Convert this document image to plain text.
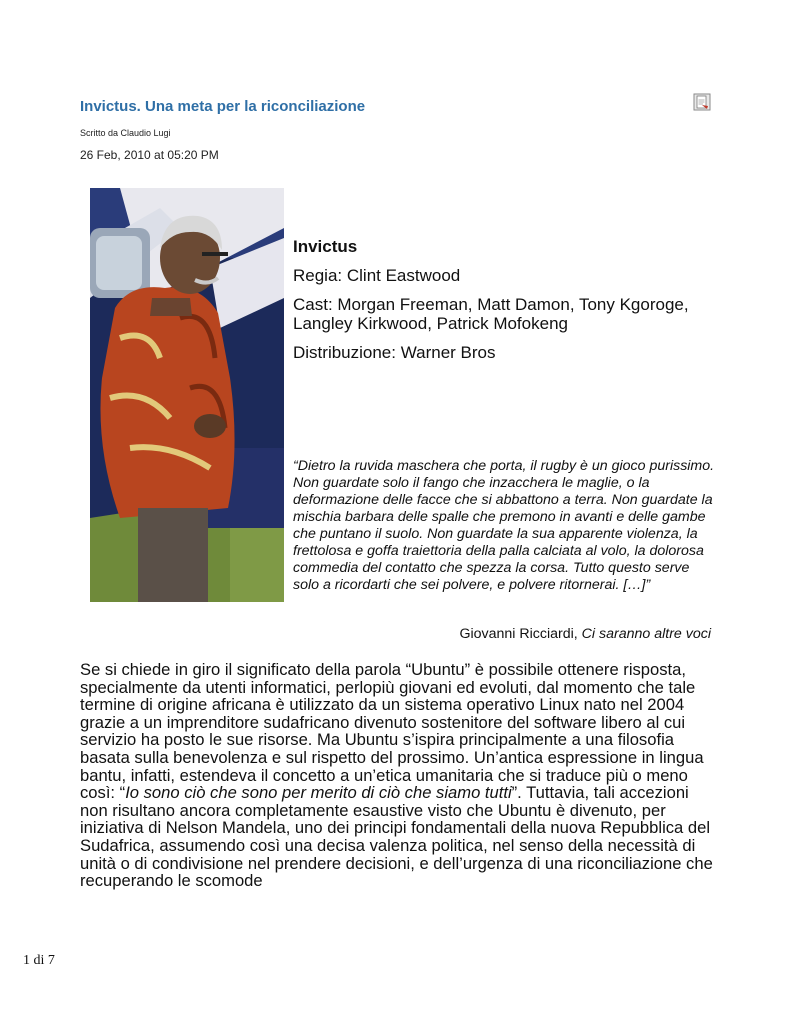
Invictus. Una meta per la riconciliazione
Scritto da Claudio Lugi
26 Feb, 2010 at 05:20 PM
Invictus
Regia: Clint Eastwood
Cast: Morgan Freeman, Matt Damon, Tony Kgoroge, Langley Kirkwood, Patrick Mofokeng
Distribuzione: Warner Bros
“Dietro la ruvida maschera che porta, il rugby è un gioco purissimo. Non guardate solo il fango che inzacchera le maglie, o la deformazione delle facce che si abbattono a terra. Non guardate la mischia barbara delle spalle che premono in avanti e delle gambe che puntano il suolo. Non guardate la sua apparente violenza, la frettolosa e goffa traiettoria della palla calciata al volo, la dolorosa commedia del contatto che spezza la corsa. Tutto questo serve solo a ricordarti che sei polvere, e polvere ritornerai. […]”
Giovanni Ricciardi, Ci saranno altre voci

Se si chiede in giro il significato della parola “Ubuntu” è possibile ottenere risposta, specialmente da utenti informatici, perlopiù giovani ed evoluti, dal momento che tale termine di origine africana è utilizzato da un sistema operativo Linux nato nel 2004 grazie a un imprenditore sudafricano divenuto sostenitore del software libero al cui servizio ha posto le sue risorse. Ma Ubuntu s’ispira principalmente a una filosofia basata sulla benevolenza e sul rispetto del prossimo. Un’antica espressione in lingua bantu, infatti, estendeva il concetto a un’etica umanitaria che si traduce più o meno così: “Io sono ciò che sono per merito di ciò che siamo tutti”. Tuttavia, tali accezioni non risultano ancora completamente esaustive visto che Ubuntu è divenuto, per iniziativa di Nelson Mandela, uno dei principi fondamentali della nuova Repubblica del Sudafrica, assumendo così una decisa valenza politica, nel senso della necessità di unità o di condivisione nel prendere decisioni, e dell’urgenza di una riconciliazione che recuperando le scomode

1 di 7
